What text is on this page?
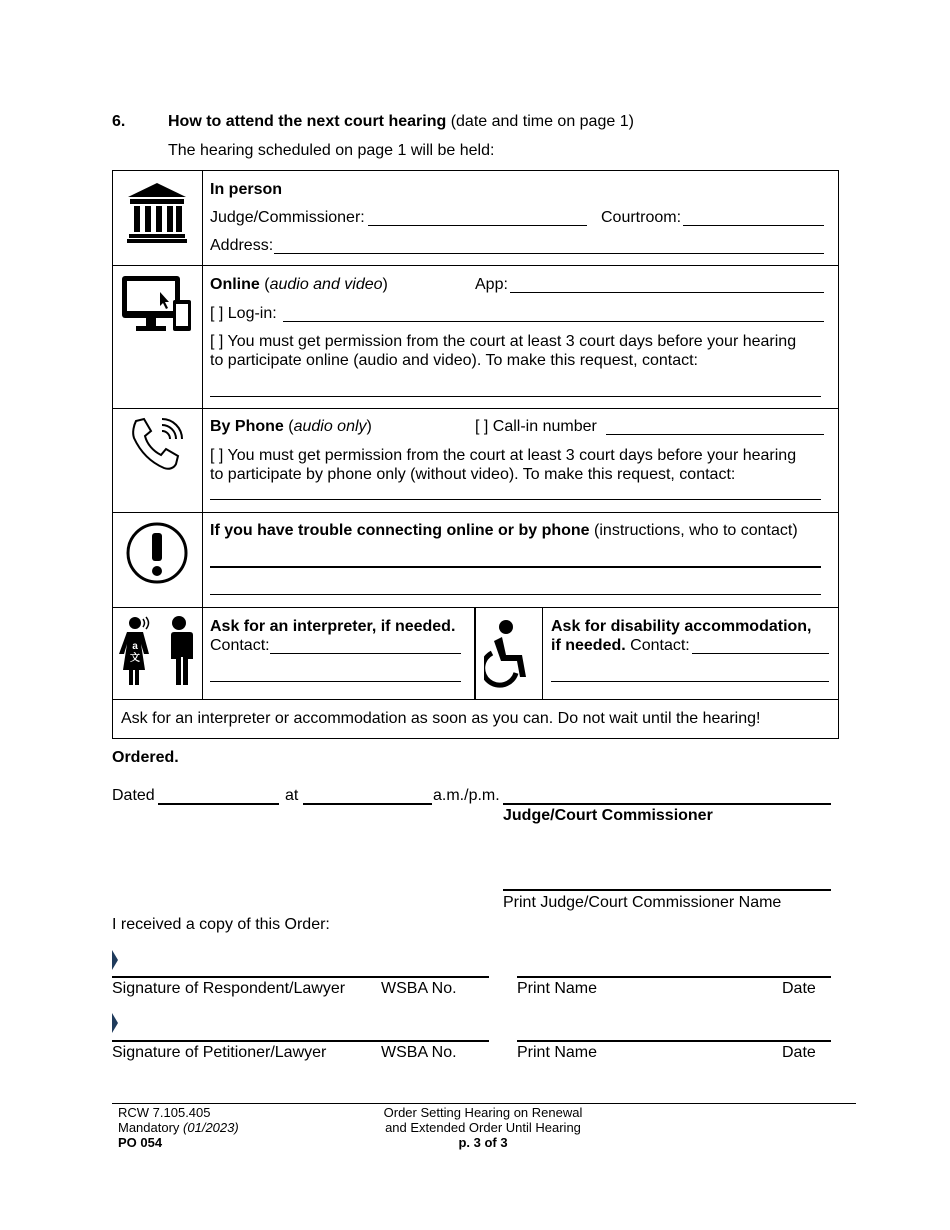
6.	How to attend the next court hearing (date and time on page 1)
The hearing scheduled on page 1 will be held:
In person
Judge/Commissioner:	Courtroom:
Address:
Online (audio and video)	App:
[ ] Log-in:
[ ] You must get permission from the court at least 3 court days before your hearing
to participate online (audio and video). To make this request, contact:
By Phone (audio only)	[ ] Call-in number
[ ] You must get permission from the court at least 3 court days before your hearing
to participate by phone only (without video). To make this request, contact:
If you have trouble connecting online or by phone (instructions, who to contact)
a
文
Ask for an interpreter, if needed.
Contact:
Ask for disability accommodation,
if needed. Contact:
Ask for an interpreter or accommodation as soon as you can. Do not wait until the hearing!
Ordered.
Dated	at	a.m./p.m.
Judge/Court Commissioner
Print Judge/Court Commissioner Name
I received a copy of this Order:
Signature of Respondent/Lawyer WSBA No.	Print Name	Date
Signature of Petitioner/Lawyer	WSBA No.	Print Name	Date
RCW 7.105.405
Mandatory (01/2023)
PO 054
Order Setting Hearing on Renewal
and Extended Order Until Hearing
p. 3 of 3
